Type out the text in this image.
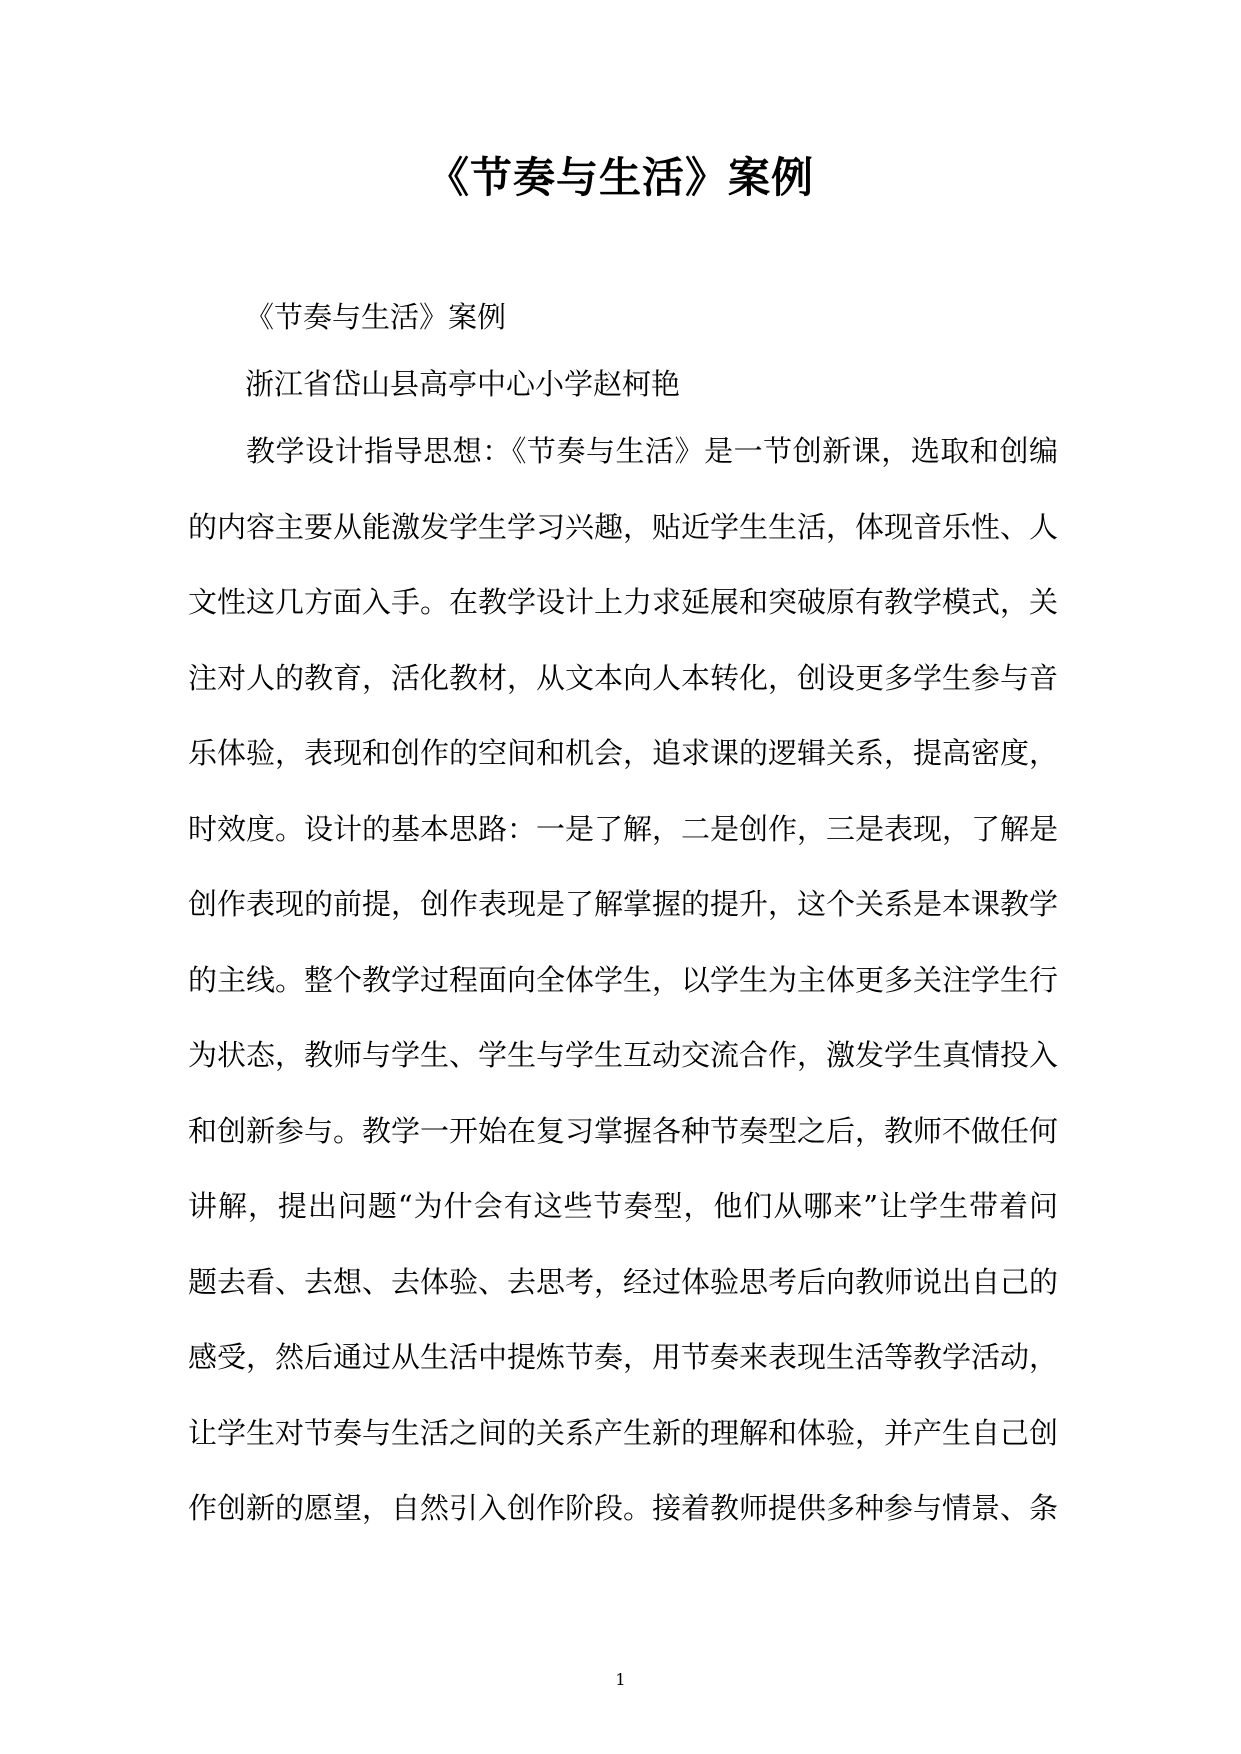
《节奏与生活》案例
《节奏与生活》案例
浙江省岱山县高亭中心小学赵柯艳

教学设计指导思想：《节奏与生活》是一节创新课，选取和创编的内容主要从能激发学生学习兴趣，贴近学生生活，体现音乐性、人文性这几方面入手。在教学设计上力求延展和突破原有教学模式，关注对人的教育，活化教材，从文本向人本转化，创设更多学生参与音乐体验，表现和创作的空间和机会，追求课的逻辑关系，提高密度，时效度。设计的基本思路：一是了解，二是创作，三是表现，了解是创作表现的前提，创作表现是了解掌握的提升，这个关系是本课教学的主线。整个教学过程面向全体学生，以学生为主体更多关注学生行为状态，教师与学生、学生与学生互动交流合作，激发学生真情投入和创新参与。教学一开始在复习掌握各种节奏型之后，教师不做任何讲解，提出问题“为什会有这些节奏型，他们从哪来”让学生带着问题去看、去想、去体验、去思考，经过体验思考后向教师说出自己的感受，然后通过从生活中提炼节奏，用节奏来表现生活等教学活动，让学生对节奏与生活之间的关系产生新的理解和体验，并产生自己创作创新的愿望，自然引入创作阶段。接着教师提供多种参与情景、条

1
